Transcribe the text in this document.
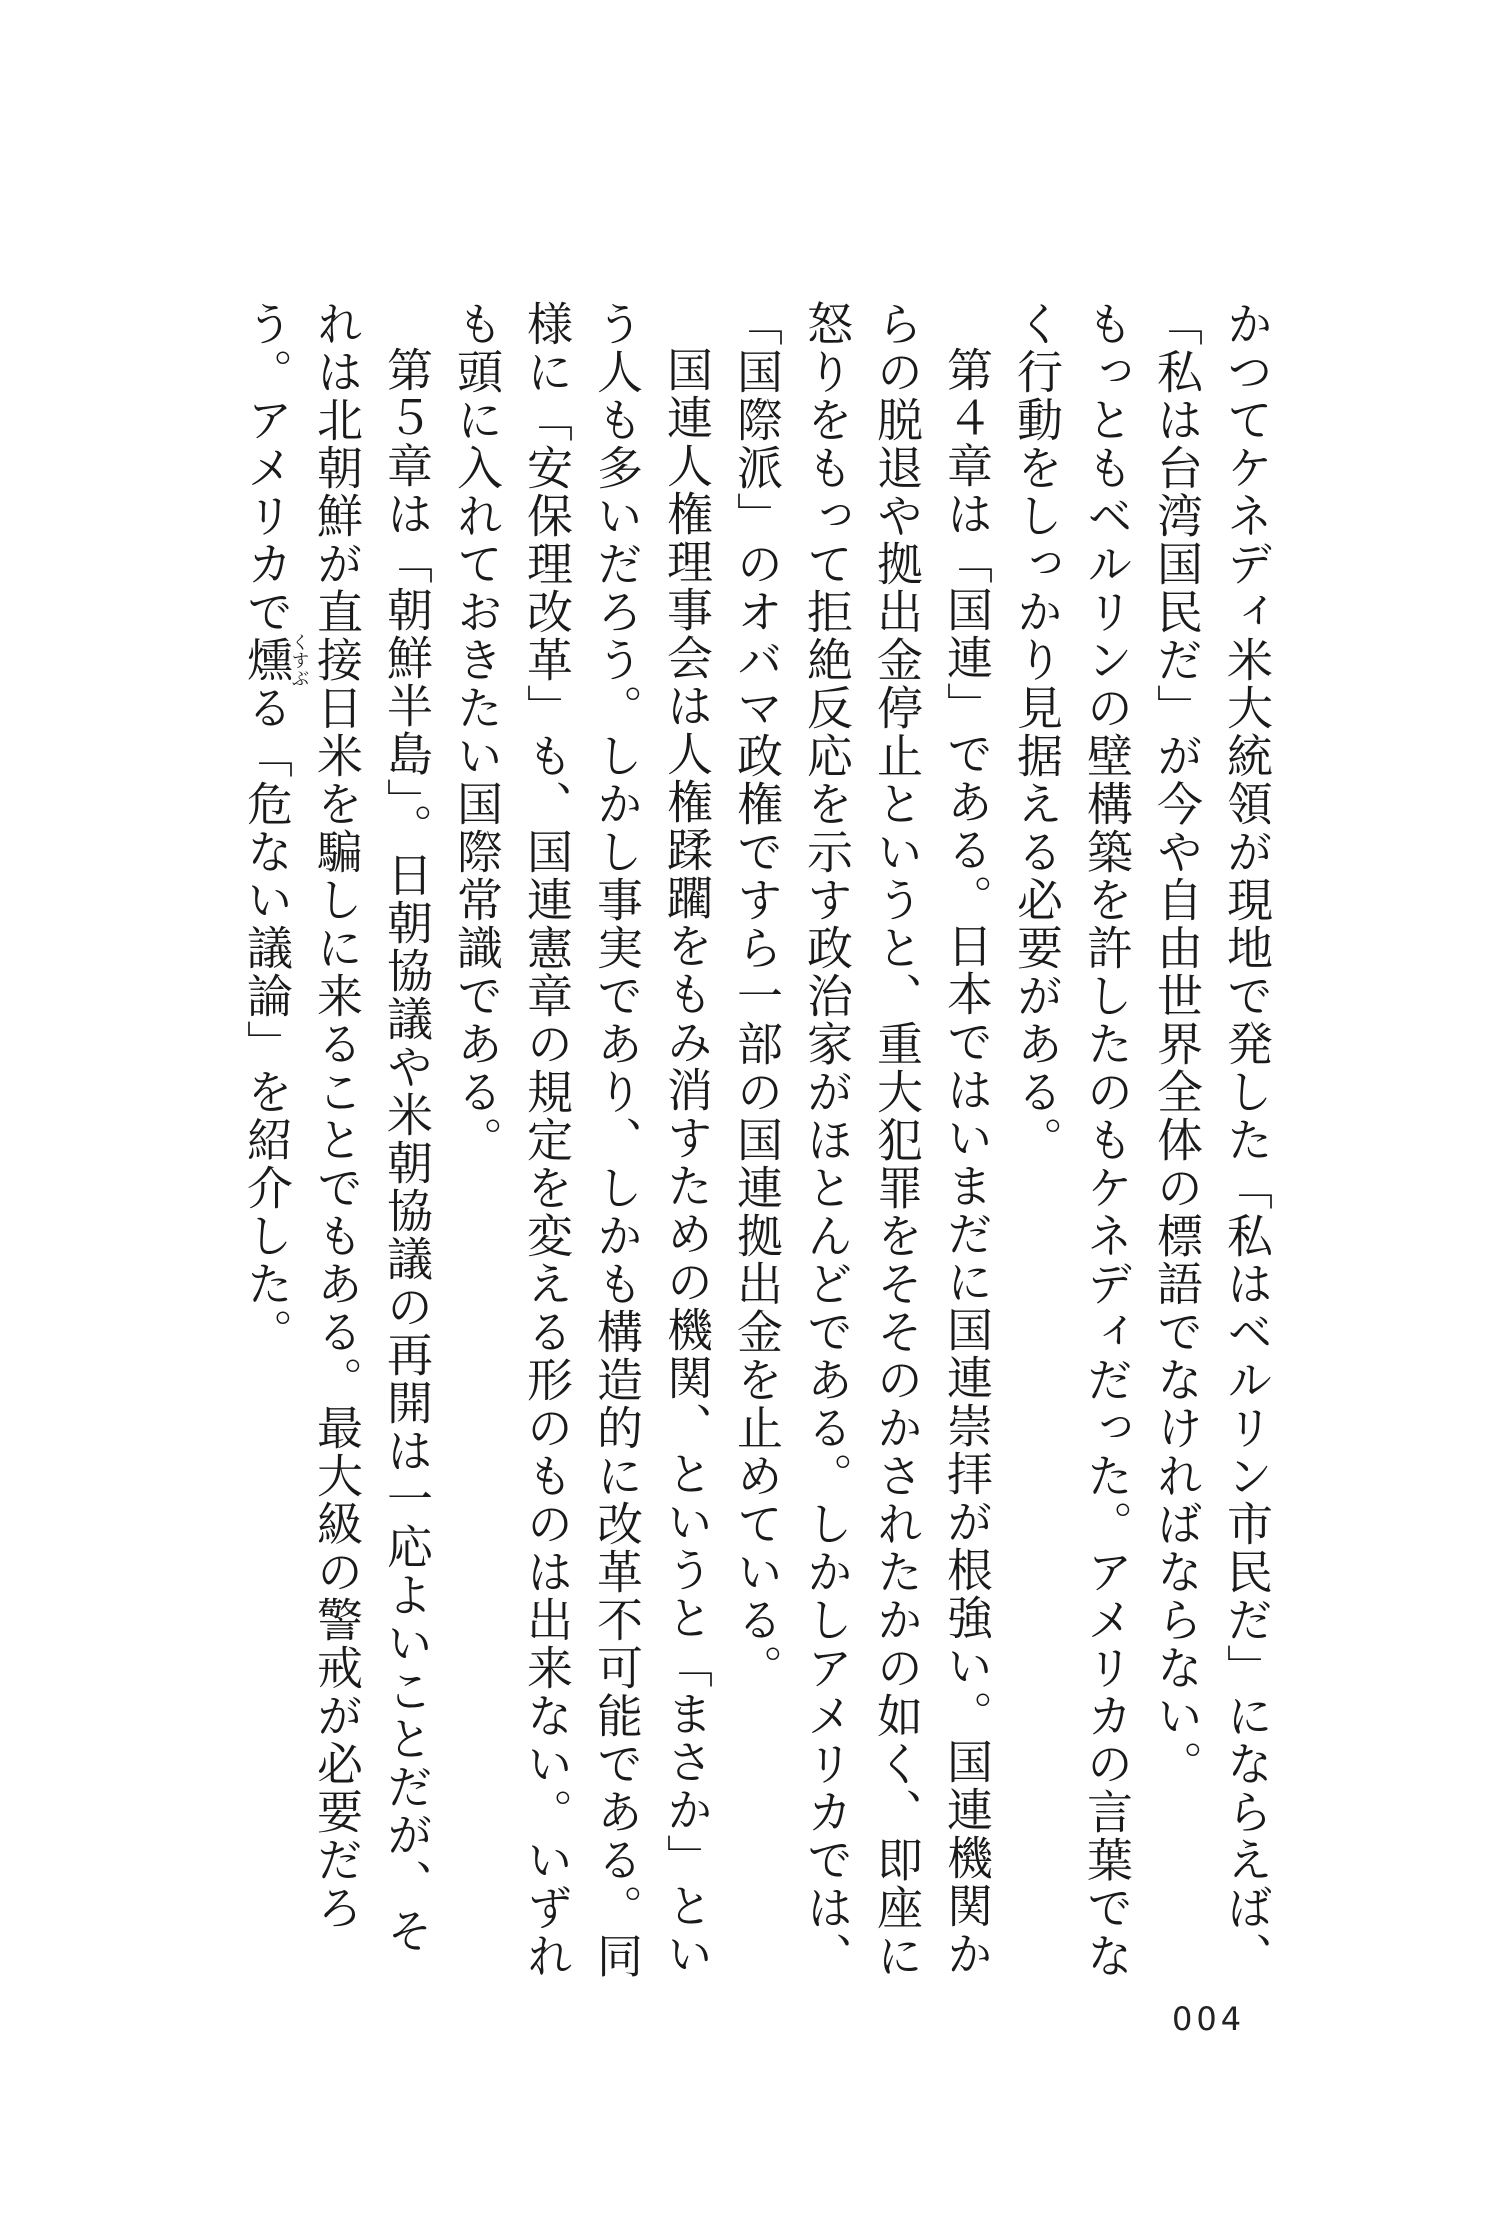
かつてケネディ米大統領が現地で発した「私はベルリン市民だ」にならえば、「私は台湾国民だ」が今や自由世界全体の標語でなければならない。

もっともベルリンの壁構築を許したのもケネディだった。アメリカの言葉でなく行動をしっかり見据える必要がある。

第４章は「国連」である。日本ではいまだに国連崇拝が根強い。国連機関からの脱退や拠出金停止というと、重大犯罪をそそのかされたかの如く、即座に怒りをもって拒絶反応を示す政治家がほとんどである。しかしアメリカでは、「国際派」のオバマ政権ですら一部の国連拠出金を止めている。

国連人権理事会は人権蹂躙をもみ消すための機関、というと「まさか」という人も多いだろう。しかし事実であり、しかも構造的に改革不可能である。同様に「安保理改革」も、国連憲章の規定を変える形のものは出来ない。いずれも頭に入れておきたい国際常識である。

第５章は「朝鮮半島」。日朝協議や米朝協議の再開は一応よいことだが、それは北朝鮮が直接日米を騙しに来ることでもある。最大級の警戒が必要だろう。アメリカで燻くすぶる「危ない議論」を紹介した。

004
